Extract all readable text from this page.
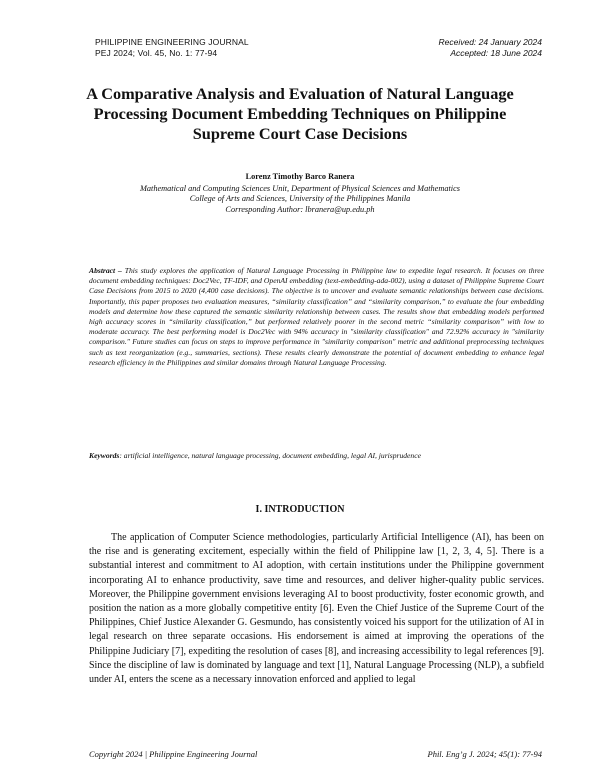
PHILIPPINE ENGINEERING JOURNAL
PEJ 2024; Vol. 45, No. 1: 77-94
Received: 24 January 2024
Accepted: 18 June 2024
A Comparative Analysis and Evaluation of Natural Language Processing Document Embedding Techniques on Philippine Supreme Court Case Decisions
Lorenz Timothy Barco Ranera
Mathematical and Computing Sciences Unit, Department of Physical Sciences and Mathematics
College of Arts and Sciences, University of the Philippines Manila
Corresponding Author: lbranera@up.edu.ph
Abstract – This study explores the application of Natural Language Processing in Philippine law to expedite legal research. It focuses on three document embedding techniques: Doc2Vec, TF-IDF, and OpenAI embedding (text-embedding-ada-002), using a dataset of Philippine Supreme Court Case Decisions from 2015 to 2020 (4,400 case decisions). The objective is to uncover and evaluate semantic relationships between case decisions. Importantly, this paper proposes two evaluation measures, “similarity classification” and “similarity comparison,” to evaluate the four embedding models and determine how these captured the semantic similarity relationship between cases. The results show that embedding models performed high accuracy scores in “similarity classification,” but performed relatively poorer in the second metric “similarity comparison” with low to moderate accuracy. The best performing model is Doc2Vec with 94% accuracy in "similarity classification" and 72.92% accuracy in "similarity comparison." Future studies can focus on steps to improve performance in "similarity comparison" metric and additional preprocessing techniques such as text reorganization (e.g., summaries, sections). These results clearly demonstrate the potential of document embedding to enhance legal research efficiency in the Philippines and similar domains through Natural Language Processing.
Keywords: artificial intelligence, natural language processing, document embedding, legal AI, jurisprudence
I. INTRODUCTION
The application of Computer Science methodologies, particularly Artificial Intelligence (AI), has been on the rise and is generating excitement, especially within the field of Philippine law [1, 2, 3, 4, 5]. There is a substantial interest and commitment to AI adoption, with certain institutions under the Philippine government incorporating AI to enhance productivity, save time and resources, and deliver higher-quality public services. Moreover, the Philippine government envisions leveraging AI to boost productivity, foster economic growth, and position the nation as a more globally competitive entity [6]. Even the Chief Justice of the Supreme Court of the Philippines, Chief Justice Alexander G. Gesmundo, has consistently voiced his support for the utilization of AI in legal research on three separate occasions. His endorsement is aimed at improving the operations of the Philippine Judiciary [7], expediting the resolution of cases [8], and increasing accessibility to legal references [9]. Since the discipline of law is dominated by language and text [1], Natural Language Processing (NLP), a subfield under AI, enters the scene as a necessary innovation enforced and applied to legal
Copyright 2024 | Philippine Engineering Journal	Phil. Eng’g J. 2024; 45(1): 77-94
